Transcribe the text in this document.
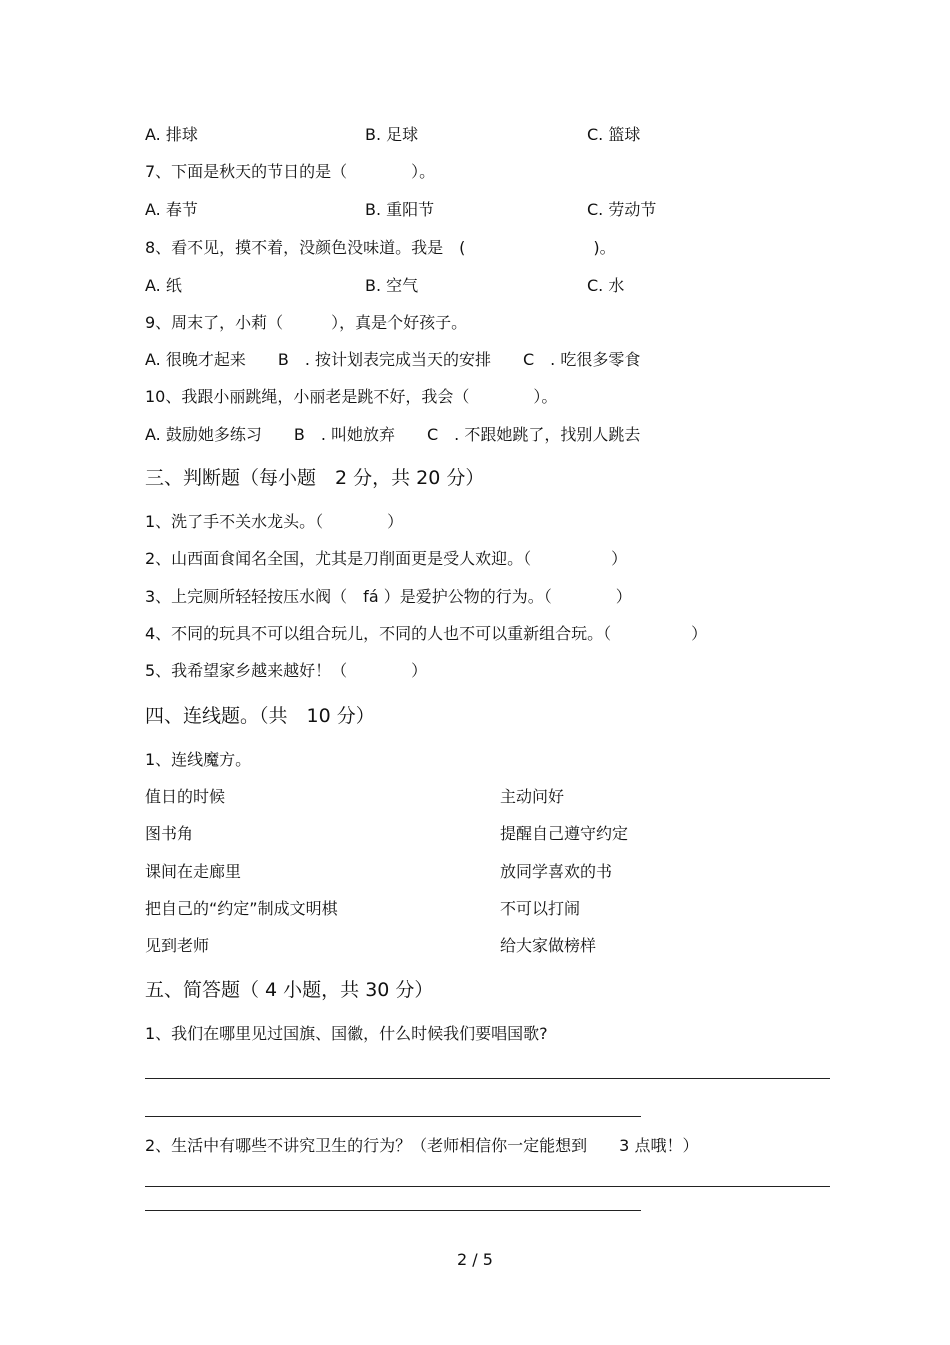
A. 排球	B. 足球	C. 篮球
7、下面是秋天的节日的是（　　　　）。
A. 春节	B. 重阳节	C. 劳动节
8、看不见，摸不着，没颜色没味道。我是　(　　　　　　　　)。
A. 纸	B. 空气	C. 水
9、周末了，小莉（　　　），真是个好孩子。
A. 很晚才起来　　B　. 按计划表完成当天的安排　　C　. 吃很多零食
10、我跟小丽跳绳，小丽老是跳不好，我会（　　　　）。
A. 鼓励她多练习　　B　. 叫她放弃　　C　. 不跟她跳了，找别人跳去
三、判断题（每小题　2 分，共 20 分）
1、洗了手不关水龙头。（　　　　）
2、山西面食闻名全国，尤其是刀削面更是受人欢迎。（　　　　　）
3、上完厕所轻轻按压水阀（　fá ）是爱护公物的行为。（　　　　）
4、不同的玩具不可以组合玩儿，不同的人也不可以重新组合玩。（　　　　　）
5、我希望家乡越来越好！（　　　　）
四、连线题。（共　10 分）
1、连线魔方。
值日的时候	主动问好
图书角	提醒自己遵守约定
课间在走廊里	放同学喜欢的书
把自己的“约定”制成文明棋	不可以打闹
见到老师	给大家做榜样
五、简答题（ 4 小题，共 30 分）
1、我们在哪里见过国旗、国徽，什么时候我们要唱国歌?
2、生活中有哪些不讲究卫生的行为？（老师相信你一定能想到　　3 点哦！）
2 / 5
